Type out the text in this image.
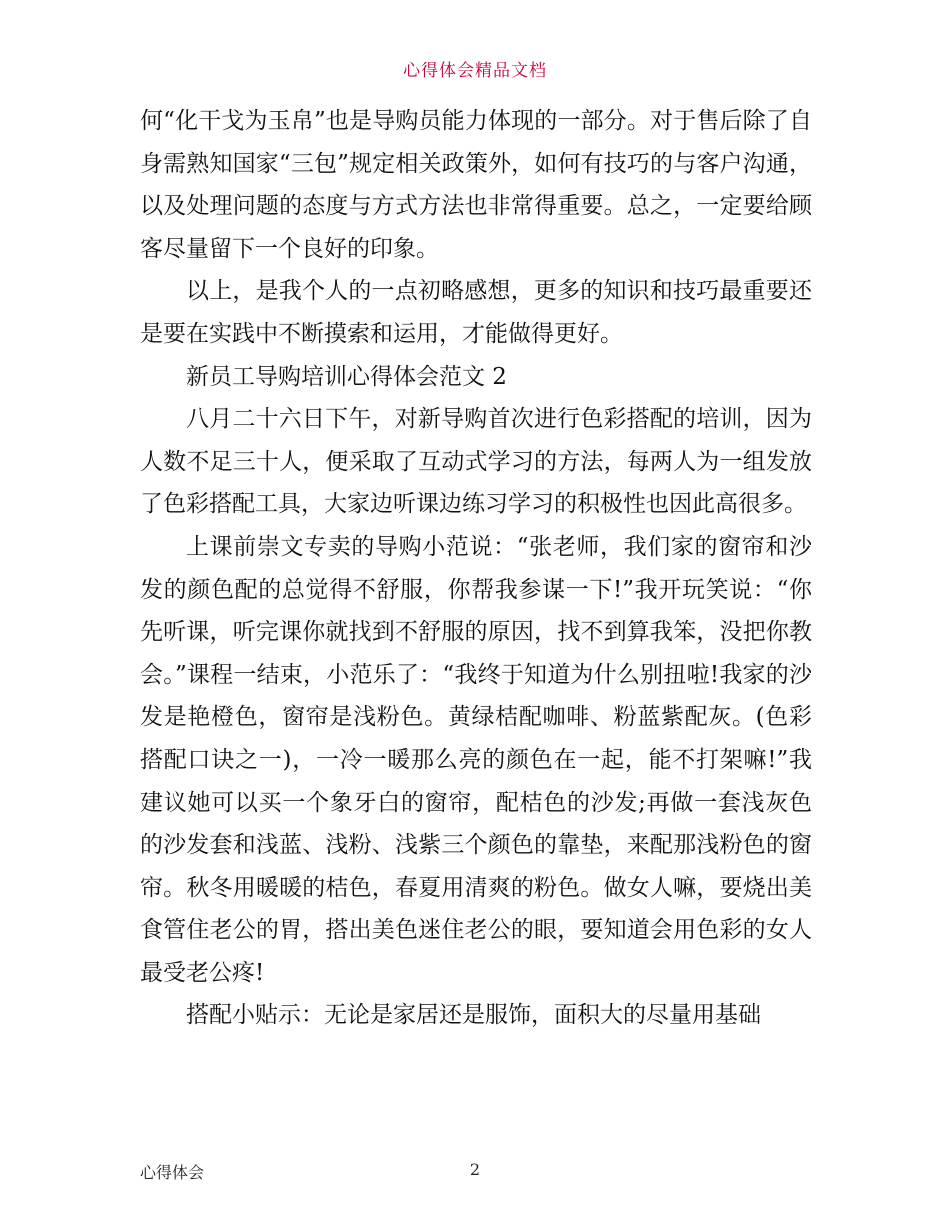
心得体会精品文档

何“化干戈为玉帛”也是导购员能力体现的一部分。对于售后除了自身需熟知国家“三包”规定相关政策外，如何有技巧的与客户沟通，以及处理问题的态度与方式方法也非常得重要。总之，一定要给顾客尽量留下一个良好的印象。

以上，是我个人的一点初略感想，更多的知识和技巧最重要还是要在实践中不断摸索和运用，才能做得更好。

新员工导购培训心得体会范文 2

八月二十六日下午，对新导购首次进行色彩搭配的培训，因为人数不足三十人，便采取了互动式学习的方法，每两人为一组发放了色彩搭配工具，大家边听课边练习学习的积极性也因此高很多。

上课前崇文专卖的导购小范说：“张老师，我们家的窗帘和沙发的颜色配的总觉得不舒服，你帮我参谋一下!”我开玩笑说：“你先听课，听完课你就找到不舒服的原因，找不到算我笨，没把你教会。”课程一结束，小范乐了：“我终于知道为什么别扭啦!我家的沙发是艳橙色，窗帘是浅粉色。黄绿桔配咖啡、粉蓝紫配灰。(色彩搭配口诀之一)，一冷一暖那么亮的颜色在一起，能不打架嘛!”我建议她可以买一个象牙白的窗帘，配桔色的沙发;再做一套浅灰色的沙发套和浅蓝、浅粉、浅紫三个颜色的靠垫，来配那浅粉色的窗帘。秋冬用暖暖的桔色，春夏用清爽的粉色。做女人嘛，要烧出美食管住老公的胃，搭出美色迷住老公的眼，要知道会用色彩的女人最受老公疼!

搭配小贴示：无论是家居还是服饰，面积大的尽量用基础

心得体会	2
